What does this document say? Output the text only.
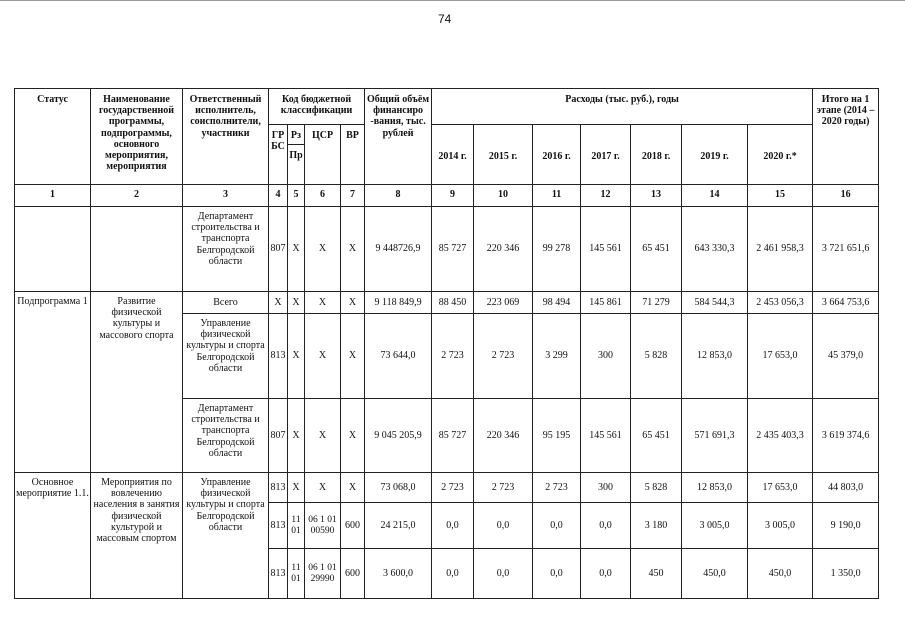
74
Статус	Наименование государственной программы, подпрограммы, основного мероприятия, мероприятия	Ответственный исполнитель, соисполнители, участники	Код бюджетной классификации				Общий объём финансиро -вания, тыс. рублей	Расходы (тыс. руб.), годы							Итого на 1 этапе (2014 – 2020 годы)
			ГР БС	Рз	ЦСР	ВР		2014 г.	2015 г.	2016 г.	2017 г.	2018 г.	2019 г.	2020 г.*	
				Пр											
1	2	3	4	5	6	7	8	9	10	11	12	13	14	15	16
		Департамент строительства и транспорта Белгородской области	807	Х	Х	Х	9 448726,9	85 727	220 346	99 278	145 561	65 451	643 330,3	2 461 958,3	3 721 651,6
Подпрограмма 1	Развитие физической культуры и массового спорта	Всего	Х	Х	Х	Х	9 118 849,9	88 450	223 069	98 494	145 861	71 279	584 544,3	2 453 056,3	3 664 753,6
		Управление физической культуры и спорта Белгородской области	813	Х	Х	Х	73 644,0	2 723	2 723	3 299	300	5 828	12 853,0	17 653,0	45 379,0
		Департамент строительства и транспорта Белгородской области	807	Х	Х	Х	9 045 205,9	85 727	220 346	95 195	145 561	65 451	571 691,3	2 435 403,3	3 619 374,6
Основное мероприятие 1.1.	Мероприятия по вовлечению населения в занятия физической культурой и массовым спортом	Управление физической культуры и спорта Белгородской области	813	Х	Х	Х	73 068,0	2 723	2 723	2 723	300	5 828	12 853,0	17 653,0	44 803,0
			813	11 01	06 1 01 00590	600	24 215,0	0,0	0,0	0,0	0,0	3 180	3 005,0	3 005,0	9 190,0
			813	11 01	06 1 01 29990	600	3 600,0	0,0	0,0	0,0	0,0	450	450,0	450,0	1 350,0
